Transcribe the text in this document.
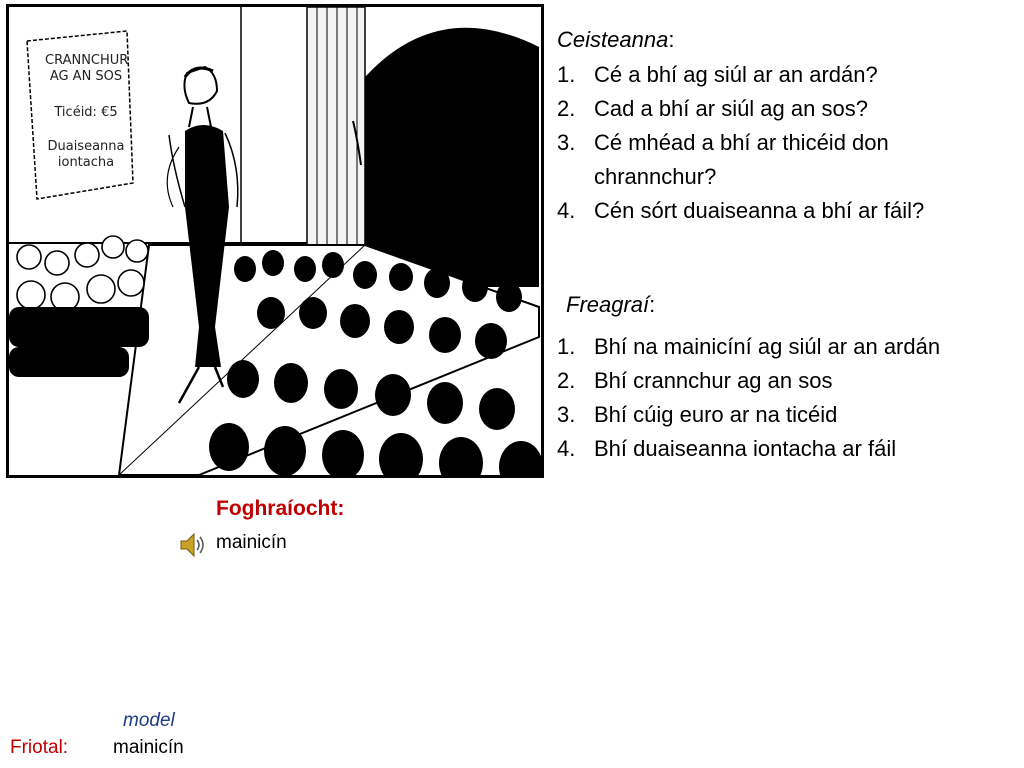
CRANNCHUR
AG AN SOS
Ticéid: €5
Duaiseanna
iontacha
Ceisteanna:
1. Cé a bhí ag siúl ar an ardán?
2. Cad a bhí ar siúl ag an sos?
3. Cé mhéad a bhí ar thicéid don chrannchur?
4. Cén sórt duaiseanna a bhí ar fáil?
Freagraí:
1. Bhí na mainicíní ag siúl ar an ardán
2. Bhí crannchur ag an sos
3. Bhí cúig euro ar na ticéid
4. Bhí duaiseanna iontacha ar fáil
Foghraíocht:
mainicín
model
Friotal: mainicín
